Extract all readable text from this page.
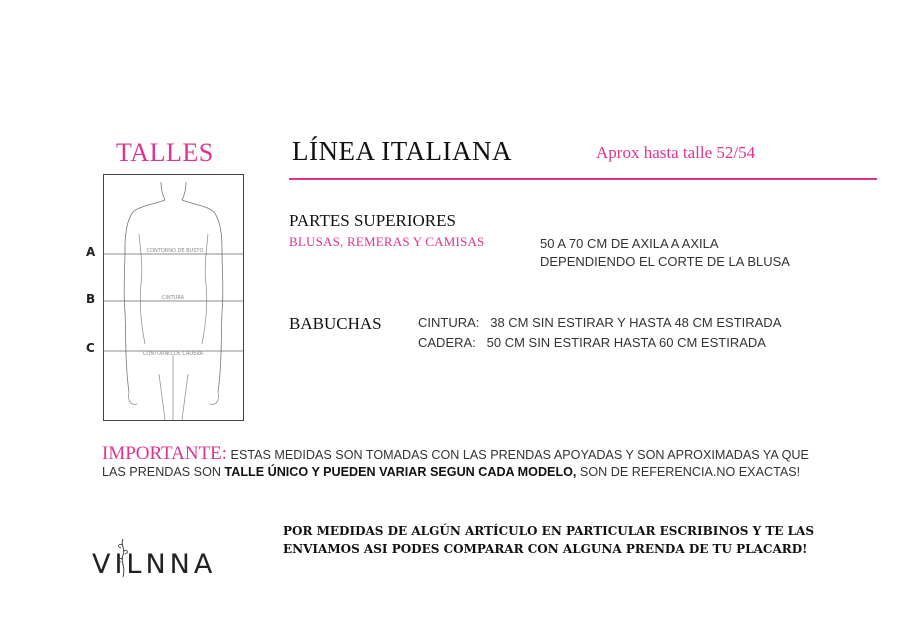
TALLES	LÍNEA ITALIANA	Aprox hasta talle 52/54
CONTORNO DE BUSTO
CINTURA
CONTORNO DE CADERA
A
B
C
PARTES SUPERIORES
BLUSAS, REMERAS Y CAMISAS	50 A 70 CM DE AXILA A AXILA
DEPENDIENDO EL CORTE DE LA BLUSA
BABUCHAS	CINTURA:   38 CM SIN ESTIRAR Y HASTA 48 CM ESTIRADA
CADERA:   50 CM SIN ESTIRAR HASTA 60 CM ESTIRADA
IMPORTANTE: ESTAS MEDIDAS SON TOMADAS CON LAS PRENDAS APOYADAS Y SON APROXIMADAS YA QUE
LAS PRENDAS SON TALLE ÚNICO Y PUEDEN VARIAR SEGUN CADA MODELO, SON DE REFERENCIA.NO EXACTAS!
VILNNA
POR MEDIDAS DE ALGÚN ARTÍCULO EN PARTICULAR ESCRIBINOS Y TE LAS
ENVIAMOS ASI PODES COMPARAR CON ALGUNA PRENDA DE TU PLACARD!
